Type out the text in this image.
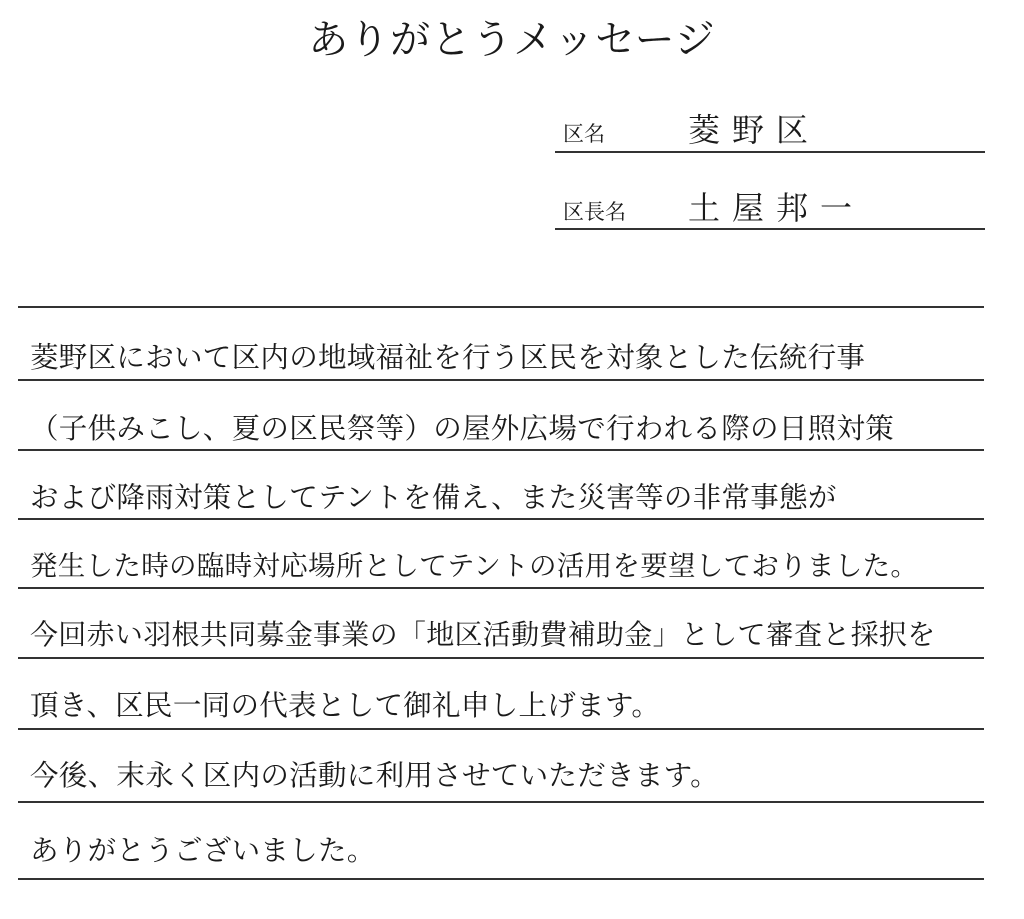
ありがとうメッセージ
区名	菱野区
区長名 土屋邦一
菱野区において区内の地域福祉を行う区民を対象とした伝統行事
（子供みこし、夏の区民祭等）の屋外広場で行われる際の日照対策
および降雨対策としてテントを備え、また災害等の非常事態が
発生した時の臨時対応場所としてテントの活用を要望しておりました。
今回赤い羽根共同募金事業の「地区活動費補助金」として審査と採択を
頂き、区民一同の代表として御礼申し上げます。
今後、末永く区内の活動に利用させていただきます。
ありがとうございました。
